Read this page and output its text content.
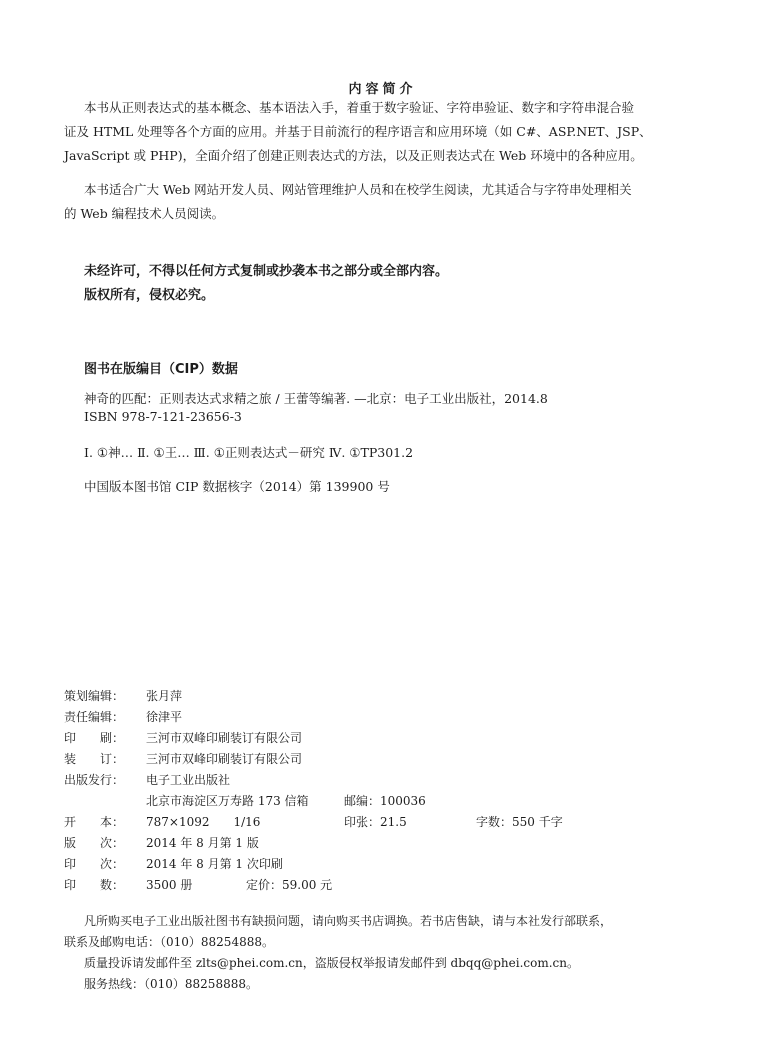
内容简介
本书从正则表达式的基本概念、基本语法入手，着重于数字验证、字符串验证、数字和字符串混合验
证及 HTML 处理等各个方面的应用。并基于目前流行的程序语言和应用环境（如 C#、ASP.NET、JSP、
JavaScript 或 PHP)，全面介绍了创建正则表达式的方法，以及正则表达式在 Web 环境中的各种应用。
本书适合广大 Web 网站开发人员、网站管理维护人员和在校学生阅读，尤其适合与字符串处理相关
的 Web 编程技术人员阅读。
未经许可，不得以任何方式复制或抄袭本书之部分或全部内容。
版权所有，侵权必究。
图书在版编目（CIP）数据
神奇的匹配：正则表达式求精之旅 / 王蕾等编著. —北京：电子工业出版社，2014.8
ISBN 978-7-121-23656-3
Ⅰ. ①神… Ⅱ. ①王… Ⅲ. ①正则表达式－研究 Ⅳ. ①TP301.2
中国版本图书馆 CIP 数据核字（2014）第 139900 号
策划编辑： 张月萍
责任编辑： 徐津平
印　　刷： 三河市双峰印刷装订有限公司
装　　订： 三河市双峰印刷装订有限公司
出版发行： 电子工业出版社
北京市海淀区万寿路 173 信箱	邮编：100036
开　　本： 787×1092　　1/16	印张：21.5	字数：550 千字
版　　次： 2014 年 8 月第 1 版
印　　次： 2014 年 8 月第 1 次印刷
印　　数： 3500 册	定价：59.00 元
凡所购买电子工业出版社图书有缺损问题，请向购买书店调换。若书店售缺，请与本社发行部联系，
联系及邮购电话：（010）88254888。
质量投诉请发邮件至 zlts@phei.com.cn，盗版侵权举报请发邮件到 dbqq@phei.com.cn。
服务热线：（010）88258888。
